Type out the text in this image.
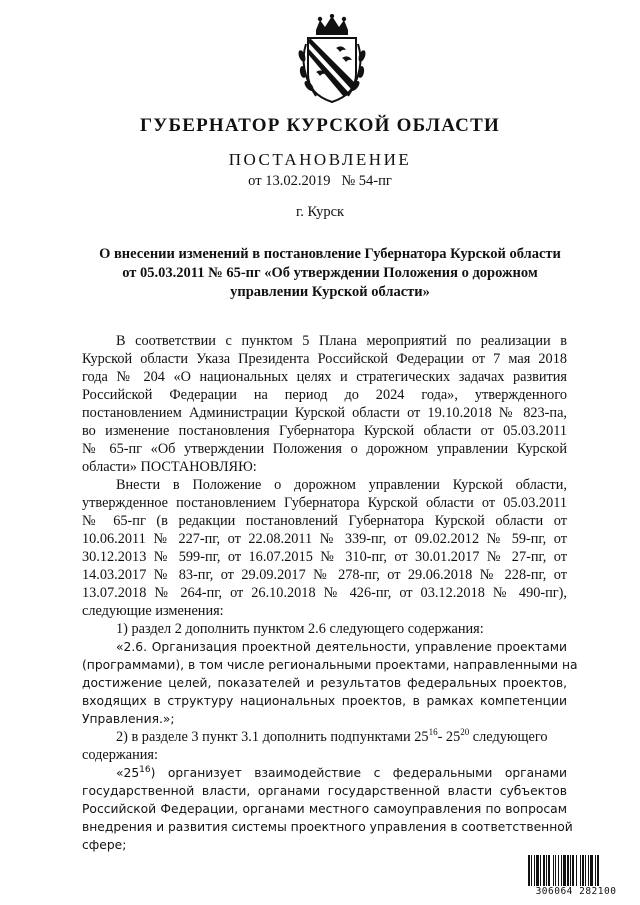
ГУБЕРНАТОР КУРСКОЙ ОБЛАСТИ
ПОСТАНОВЛЕНИЕ
от 13.02.2019 № 54-пг
г. Курск
О внесении изменений в постановление Губернатора Курской области
от 05.03.2011 № 65-пг «Об утверждении Положения о дорожном
управлении Курской области»
В соответствии с пунктом 5 Плана мероприятий по реализации в
Курской области Указа Президента Российской Федерации от 7 мая 2018
года № 204 «О национальных целях и стратегических задачах развития
Российской Федерации на период до 2024 года», утвержденного
постановлением Администрации Курской области от 19.10.2018 № 823-па,
во изменение постановления Губернатора Курской области от 05.03.2011
№ 65-пг «Об утверждении Положения о дорожном управлении Курской
области» ПОСТАНОВЛЯЮ:
Внести в Положение о дорожном управлении Курской области,
утвержденное постановлением Губернатора Курской области от 05.03.2011
№ 65-пг (в редакции постановлений Губернатора Курской области от
10.06.2011 № 227-пг, от 22.08.2011 № 339-пг, от 09.02.2012 № 59-пг, от
30.12.2013 № 599-пг, от 16.07.2015 № 310-пг, от 30.01.2017 № 27-пг, от
14.03.2017 № 83-пг, от 29.09.2017 № 278-пг, от 29.06.2018 № 228-пг, от
13.07.2018 № 264-пг, от 26.10.2018 № 426-пг, от 03.12.2018 № 490-пг),
следующие изменения:
1) раздел 2 дополнить пунктом 2.6 следующего содержания:
«2.6. Организация проектной деятельности, управление проектами
(программами), в том числе региональными проектами, направленными на
достижение целей, показателей и результатов федеральных проектов,
входящих в структуру национальных проектов, в рамках компетенции
Управления.»;
2) в разделе 3 пункт 3.1 дополнить подпунктами $25^{16}-$ $25^{20}$ следующего
содержания:
«$25^{16}$) организует взаимодействие с федеральными органами
государственной власти, органами государственной власти субъектов
Российской Федерации, органами местного самоуправления по вопросам
внедрения и развития системы проектного управления в соответственной
сфере;
306064 282100
